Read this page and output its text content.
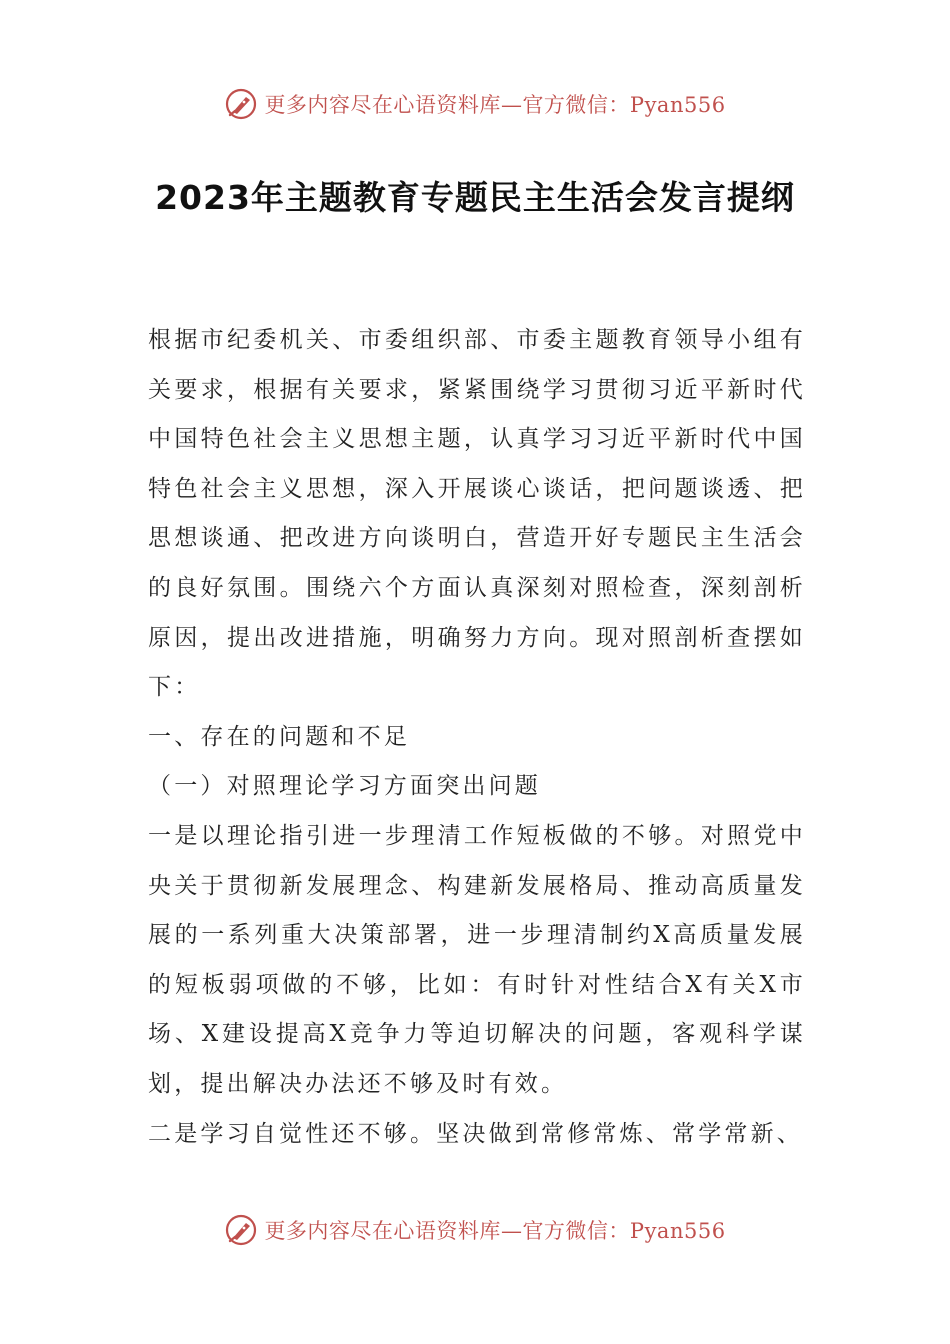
更多内容尽在心语资料库—官方微信：Pyan556
2023年主题教育专题民主生活会发言提纲

根据市纪委机关、市委组织部、市委主题教育领导小组有关要求，根据有关要求，紧紧围绕学习贯彻习近平新时代中国特色社会主义思想主题，认真学习习近平新时代中国特色社会主义思想，深入开展谈心谈话，把问题谈透、把思想谈通、把改进方向谈明白，营造开好专题民主生活会的良好氛围。围绕六个方面认真深刻对照检查，深刻剖析原因，提出改进措施，明确努力方向。现对照剖析查摆如下：

一、存在的问题和不足

（一）对照理论学习方面突出问题

一是以理论指引进一步理清工作短板做的不够。对照党中央关于贯彻新发展理念、构建新发展格局、推动高质量发展的一系列重大决策部署，进一步理清制约X高质量发展的短板弱项做的不够，比如：有时针对性结合X有关X市场、X建设提高X竞争力等迫切解决的问题，客观科学谋划，提出解决办法还不够及时有效。

二是学习自觉性还不够。坚决做到常修常炼、常学常新、

更多内容尽在心语资料库—官方微信：Pyan556
